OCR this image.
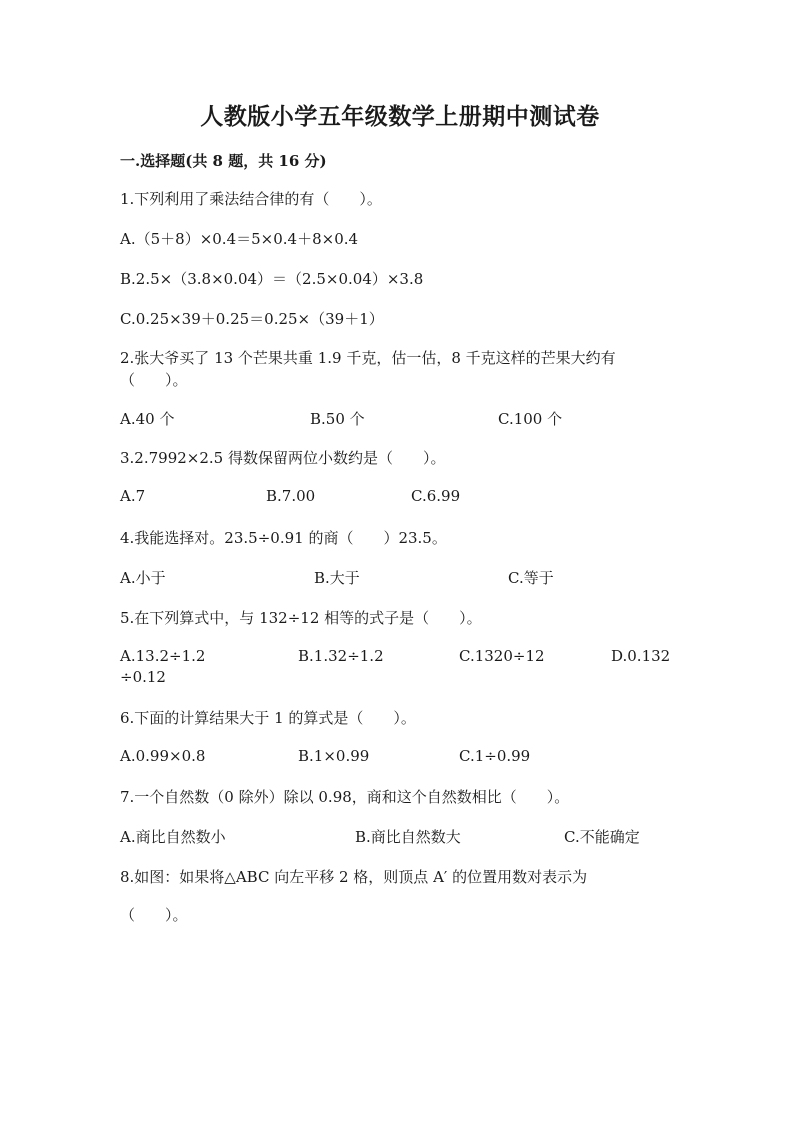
人教版小学五年级数学上册期中测试卷
一.选择题(共 8 题，共 16 分)
1.下列利用了乘法结合律的有（　　）。
A.（5＋8）×0.4＝5×0.4＋8×0.4
B.2.5×（3.8×0.04）＝（2.5×0.04）×3.8
C.0.25×39＋0.25＝0.25×（39＋1）
2.张大爷买了 13 个芒果共重 1.9 千克，估一估，8 千克这样的芒果大约有
（　　）。
A.40 个	B.50 个	C.100 个
3.2.7992×2.5 得数保留两位小数约是（　　）。
A.7	B.7.00	C.6.99
4.我能选择对。23.5÷0.91 的商（　　）23.5。
A.小于	B.大于	C.等于
5.在下列算式中，与 132÷12 相等的式子是（　　）。
A.13.2÷1.2	B.1.32÷1.2	C.1320÷12	D.0.132
÷0.12
6.下面的计算结果大于 1 的算式是（　　）。
A.0.99×0.8	B.1×0.99	C.1÷0.99
7.一个自然数（0 除外）除以 0.98，商和这个自然数相比（　　）。
A.商比自然数小	B.商比自然数大	C.不能确定
8.如图：如果将△ABC 向左平移 2 格，则顶点 A′ 的位置用数对表示为
（　　）。
